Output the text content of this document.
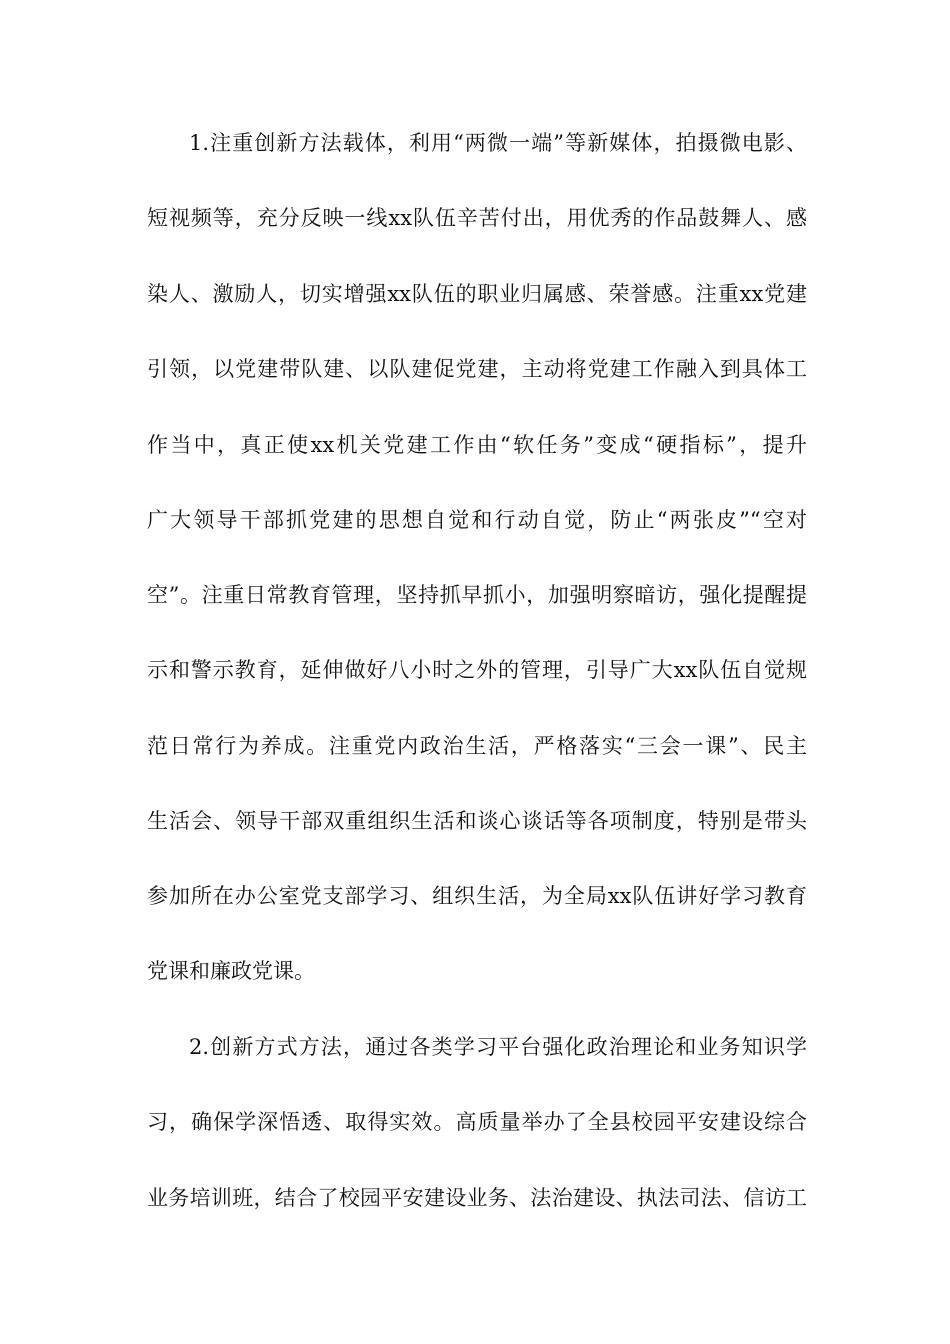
1.注重创新方法载体，利用“两微一端”等新媒体，拍摄微电影、
短视频等，充分反映一线xx队伍辛苦付出，用优秀的作品鼓舞人、感
染人、激励人，切实增强xx队伍的职业归属感、荣誉感。注重xx党建
引领，以党建带队建、以队建促党建，主动将党建工作融入到具体工
作当中，真正使xx机关党建工作由“软任务”变成“硬指标”，提升
广大领导干部抓党建的思想自觉和行动自觉，防止“两张皮”“空对
空”。注重日常教育管理，坚持抓早抓小，加强明察暗访，强化提醒提
示和警示教育，延伸做好八小时之外的管理，引导广大xx队伍自觉规
范日常行为养成。注重党内政治生活，严格落实“三会一课”、民主
生活会、领导干部双重组织生活和谈心谈话等各项制度，特别是带头
参加所在办公室党支部学习、组织生活，为全局xx队伍讲好学习教育
党课和廉政党课。
2.创新方式方法，通过各类学习平台强化政治理论和业务知识学
习，确保学深悟透、取得实效。高质量举办了全县校园平安建设综合
业务培训班，结合了校园平安建设业务、法治建设、执法司法、信访工
